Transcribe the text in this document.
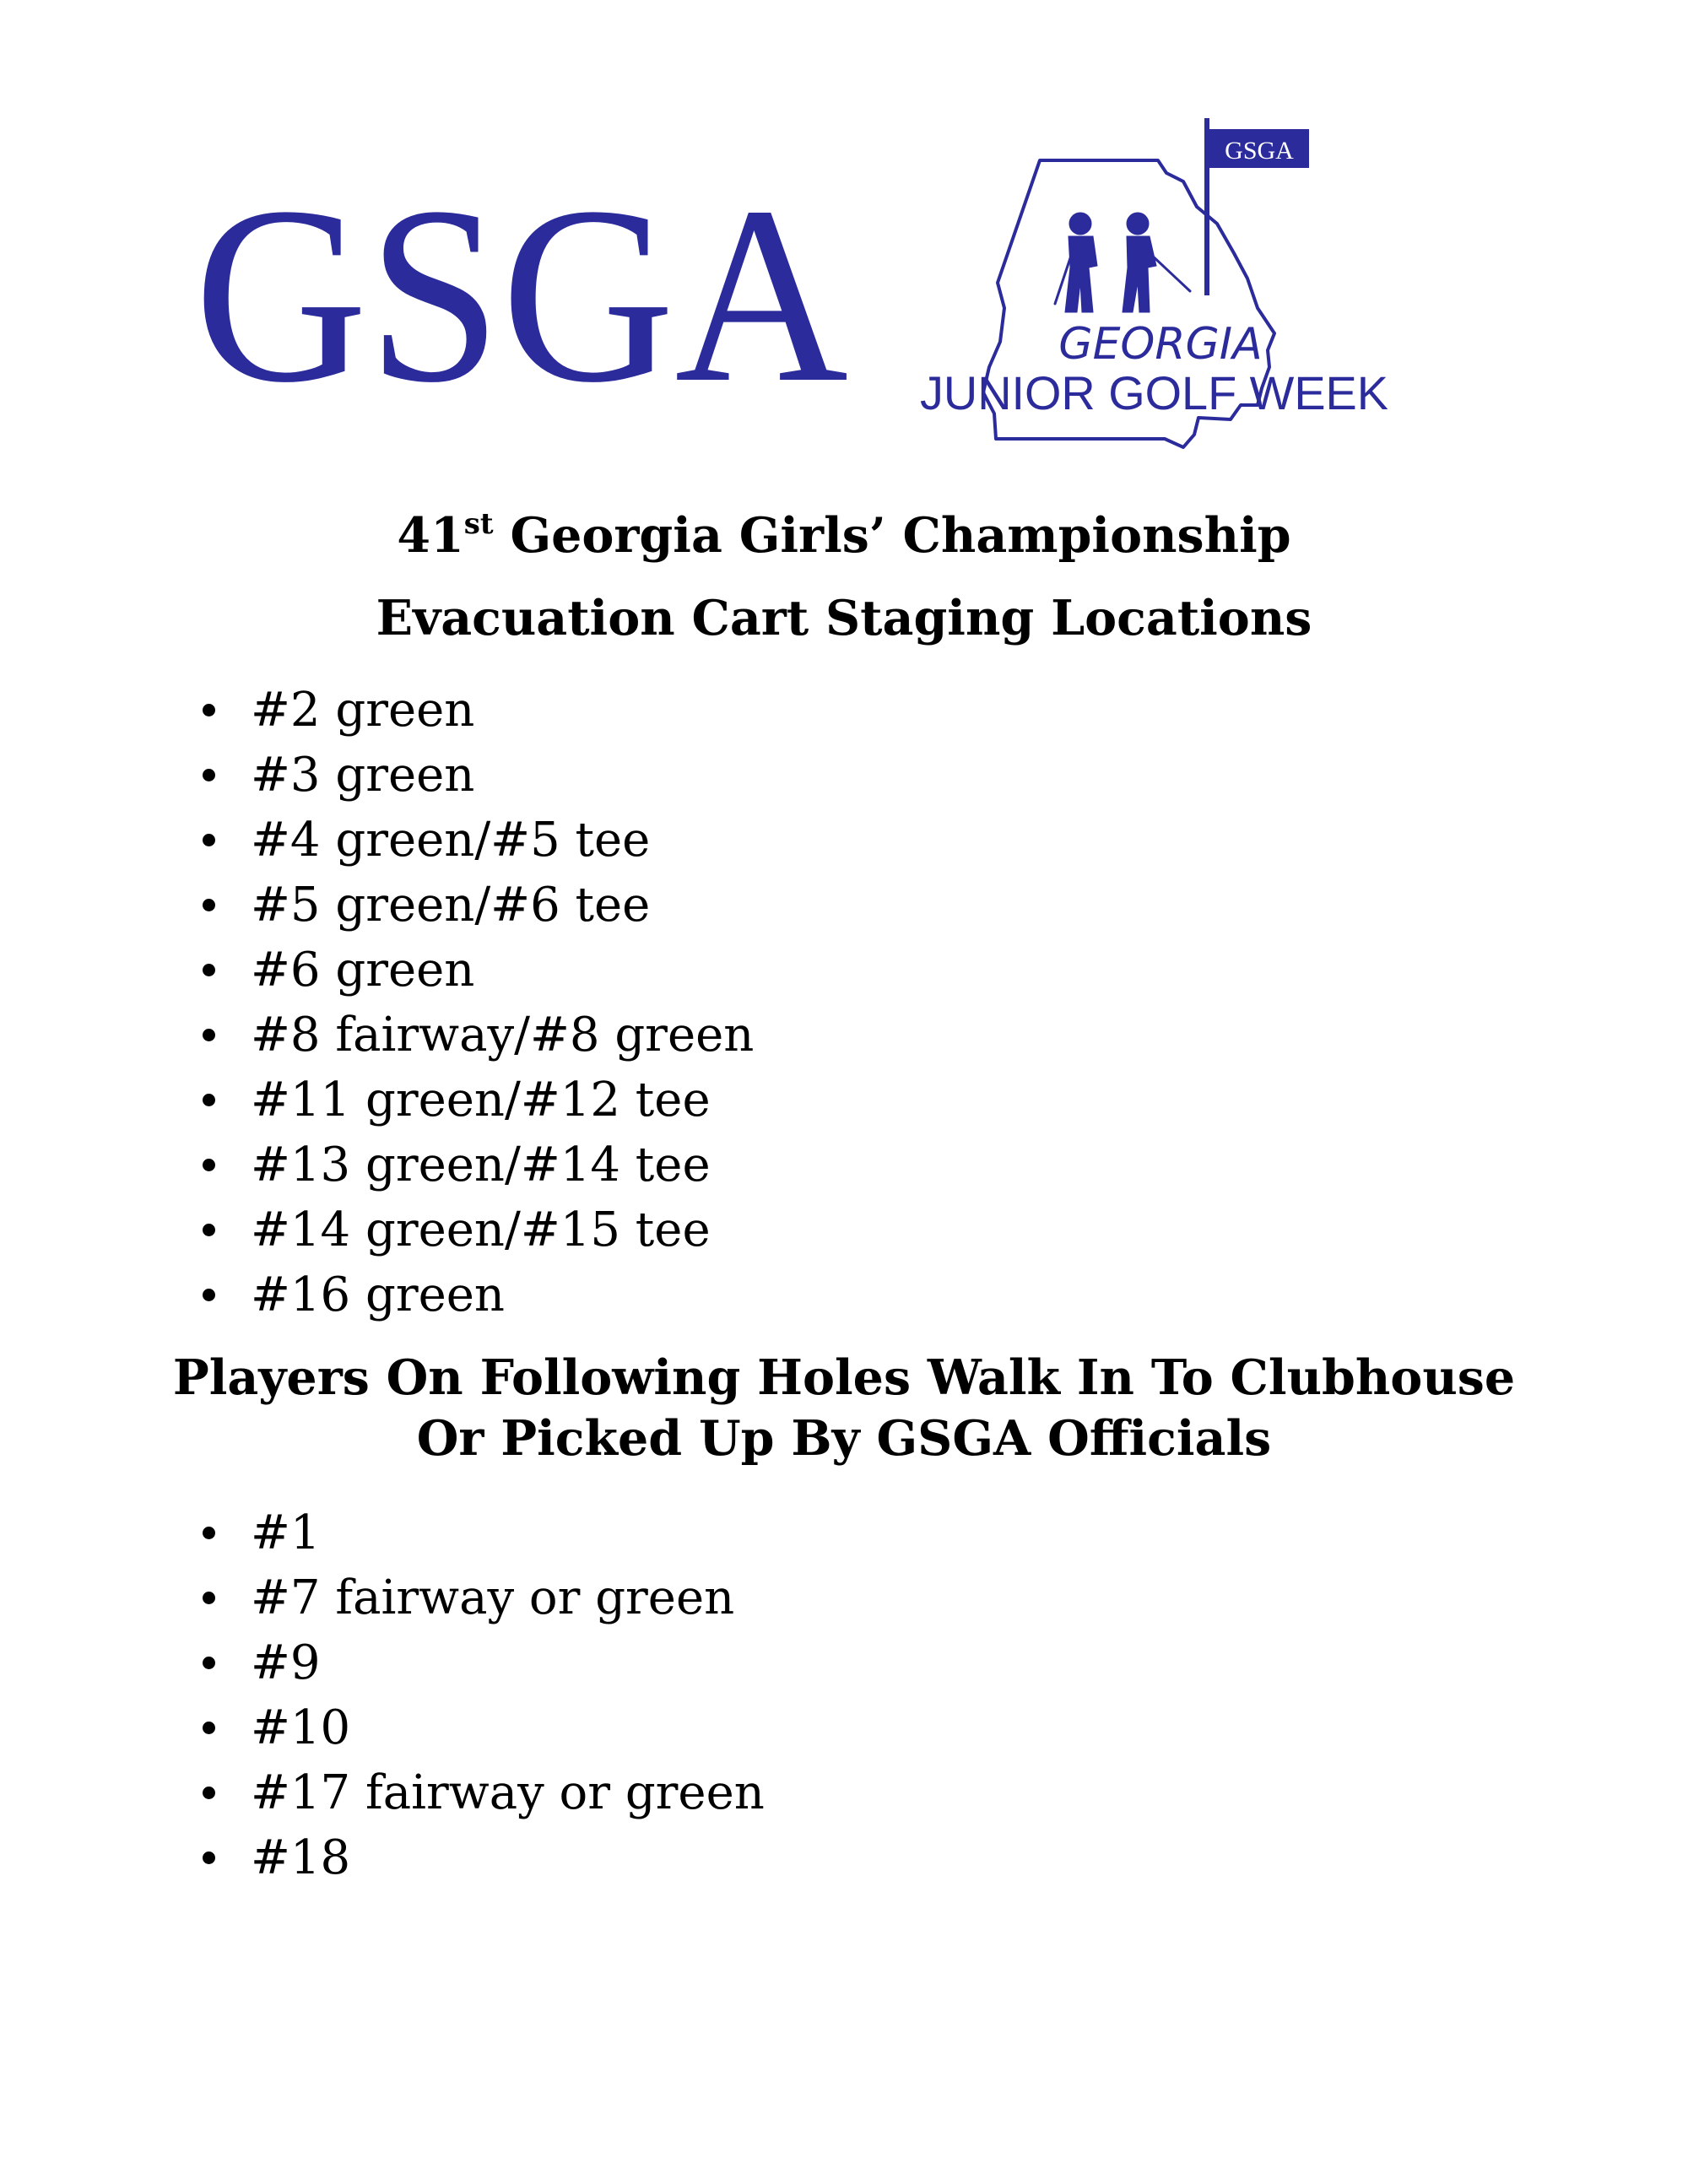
GSGA
GSGA
GEORGIA
JUNIOR GOLF WEEK
41st Georgia Girls’ Championship
Evacuation Cart Staging Locations
#2 green
#3 green
#4 green/#5 tee
#5 green/#6 tee
#6 green
#8 fairway/#8 green
#11 green/#12 tee
#13 green/#14 tee
#14 green/#15 tee
#16 green
Players On Following Holes Walk In To Clubhouse
Or Picked Up By GSGA Officials
#1
#7 fairway or green
#9
#10
#17 fairway or green
#18
